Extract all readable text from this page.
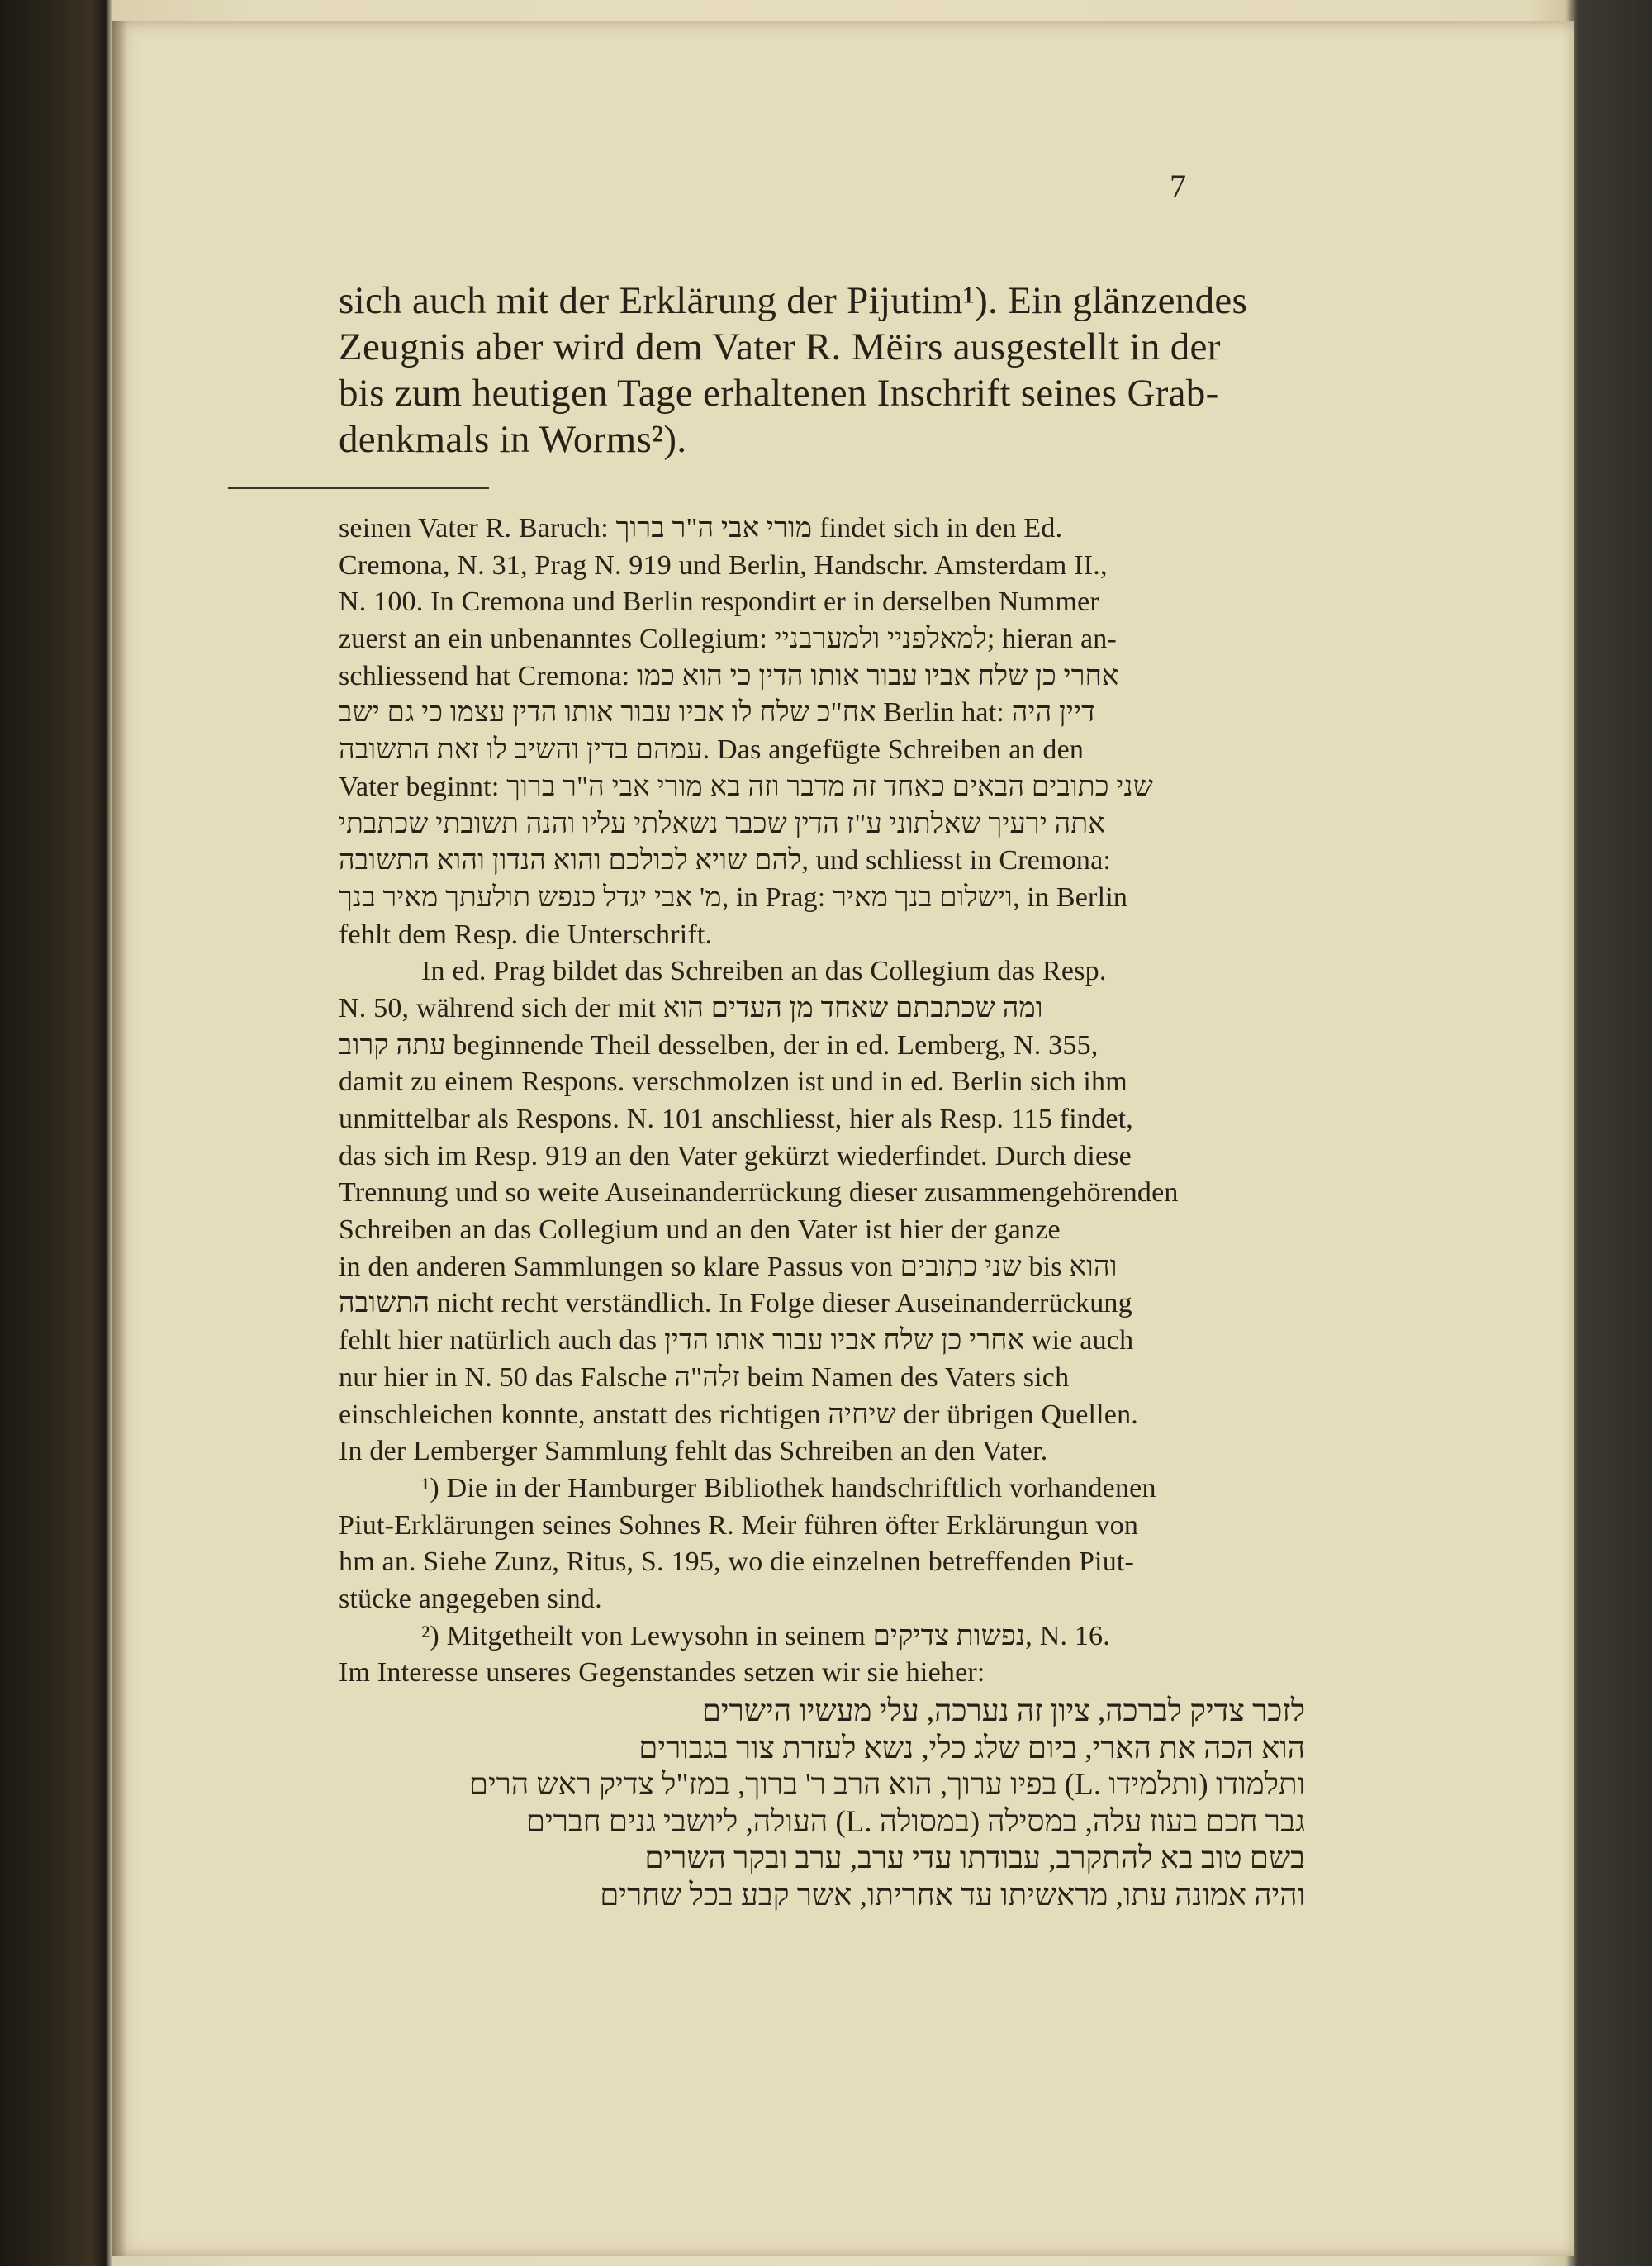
7
sich auch mit der Erklärung der Pijutim¹). Ein glänzendes
Zeugnis aber wird dem Vater R. Mëirs ausgestellt in der
bis zum heutigen Tage erhaltenen Inschrift seines Grab-
denkmals in Worms²).
seinen Vater R. Baruch: מורי אבי ה"ר ברוך findet sich in den Ed.
Cremona, N. 31, Prag N. 919 und Berlin, Handschr. Amsterdam II.,
N. 100. In Cremona und Berlin respondirt er in derselben Nummer
zuerst an ein unbenanntes Collegium: למאלפניי ולמערבניי; hieran an-
schliessend hat Cremona: אחרי כן שלח אביו עבור אותו הדין כי הוא כמו
אח"כ שלח לו אביו עבור אותו הדין עצמו כי גם ישב Berlin hat: דיין היה
עמהם בדין והשיב לו זאת התשובה. Das angefügte Schreiben an den
Vater beginnt: שני כתובים הבאים כאחד זה מדבר וזה בא מורי אבי ה"ר ברוך
אתה ירעיך שאלתוני ע"ז הדין שכבר נשאלתי עליו והנה תשובתי שכתבתי
להם שויא לכולכם והוא הנדון והוא התשובה, und schliesst in Cremona:
מ' אבי יגדל כנפש תולעתך מאיר בנך, in Prag: וישלום בנך מאיר, in Berlin
fehlt dem Resp. die Unterschrift.
In ed. Prag bildet das Schreiben an das Collegium das Resp.
N. 50, während sich der mit ומה שכתבתם שאחד מן העדים הוא
עתה קרוב beginnende Theil desselben, der in ed. Lemberg, N. 355,
damit zu einem Respons. verschmolzen ist und in ed. Berlin sich ihm
unmittelbar als Respons. N. 101 anschliesst, hier als Resp. 115 findet,
das sich im Resp. 919 an den Vater gekürzt wiederfindet. Durch diese
Trennung und so weite Auseinanderrückung dieser zusammengehörenden
Schreiben an das Collegium und an den Vater ist hier der ganze
in den anderen Sammlungen so klare Passus von שני כתובים bis והוא
התשובה nicht recht verständlich. In Folge dieser Auseinanderrückung
fehlt hier natürlich auch das אחרי כן שלח אביו עבור אותו הדין wie auch
nur hier in N. 50 das Falsche זלה"ה beim Namen des Vaters sich
einschleichen konnte, anstatt des richtigen שיחיה der übrigen Quellen.
In der Lemberger Sammlung fehlt das Schreiben an den Vater.
¹) Die in der Hamburger Bibliothek handschriftlich vorhandenen
Piut-Erklärungen seines Sohnes R. Meir führen öfter Erklärungun von
hm an. Siehe Zunz, Ritus, S. 195, wo die einzelnen betreffenden Piut-
stücke angegeben sind.
²) Mitgetheilt von Lewysohn in seinem נפשות צדיקים, N. 16.
Im Interesse unseres Gegenstandes setzen wir sie hieher:
לזכר צדיק לברכה, ציון זה נערכה, עלי מעשיו הישרים
הוא הכה את הארי, ביום שלג כלי, נשא לעזרת צור בגבורים
ותלמודו (ותלמידו .L) בפיו ערוך, הוא הרב ר' ברוך, במז"ל צדיק ראש הרים
גבר חכם בעוז עלה, במסילה (במסולה .L) העולה, ליושבי גנים חברים
בשם טוב בא להתקרב, עבודתו עדי ערב, ערב ובקר השרים
והיה אמונה עתו, מראשיתו עד אחריתו, אשר קבע בכל שחרים
